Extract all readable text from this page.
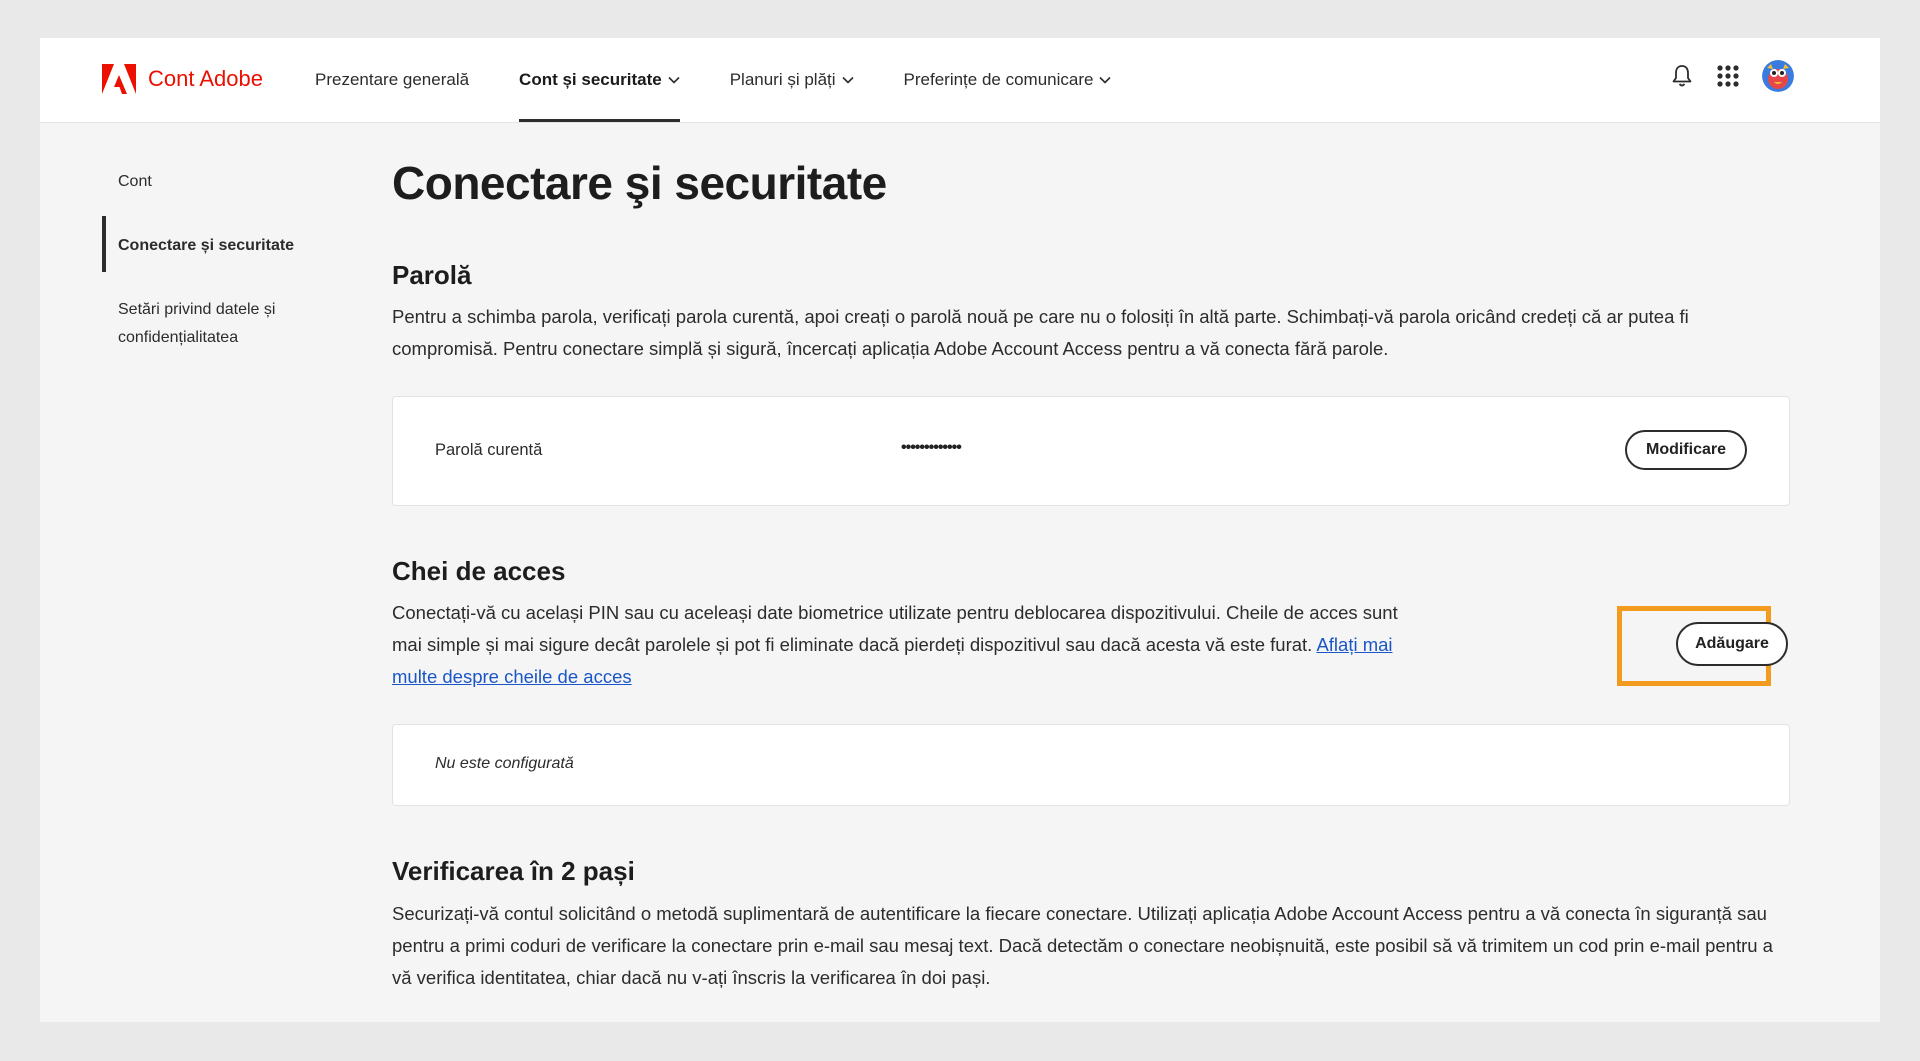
Cont Adobe	Prezentare generală	Cont și securitate	Planuri și plăți	Preferințe de comunicare
Cont
Conectare și securitate
Setări privind datele și confidențialitatea
Conectare şi securitate
Parolă

Pentru a schimba parola, verificați parola curentă, apoi creați o parolă nouă pe care nu o folosiți în altă parte. Schimbați-vă parola oricând credeți că ar putea fi compromisă. Pentru conectare simplă și sigură, încercați aplicația Adobe Account Access pentru a vă conecta fără parole.

Parolă curentă	•••••••••••••	Modificare
Chei de acces

Conectați-vă cu același PIN sau cu aceleași date biometrice utilizate pentru deblocarea dispozitivului. Cheile de acces sunt mai simple și mai sigure decât parolele și pot fi eliminate dacă pierdeți dispozitivul sau dacă acesta vă este furat. Aflați mai multe despre cheile de acces

Adăugare
Nu este configurată
Verificarea în 2 pași

Securizați-vă contul solicitând o metodă suplimentară de autentificare la fiecare conectare. Utilizați aplicația Adobe Account Access pentru a vă conecta în siguranță sau pentru a primi coduri de verificare la conectare prin e-mail sau mesaj text. Dacă detectăm o conectare neobișnuită, este posibil să vă trimitem un cod prin e-mail pentru a vă verifica identitatea, chiar dacă nu v-ați înscris la verificarea în doi pași.
